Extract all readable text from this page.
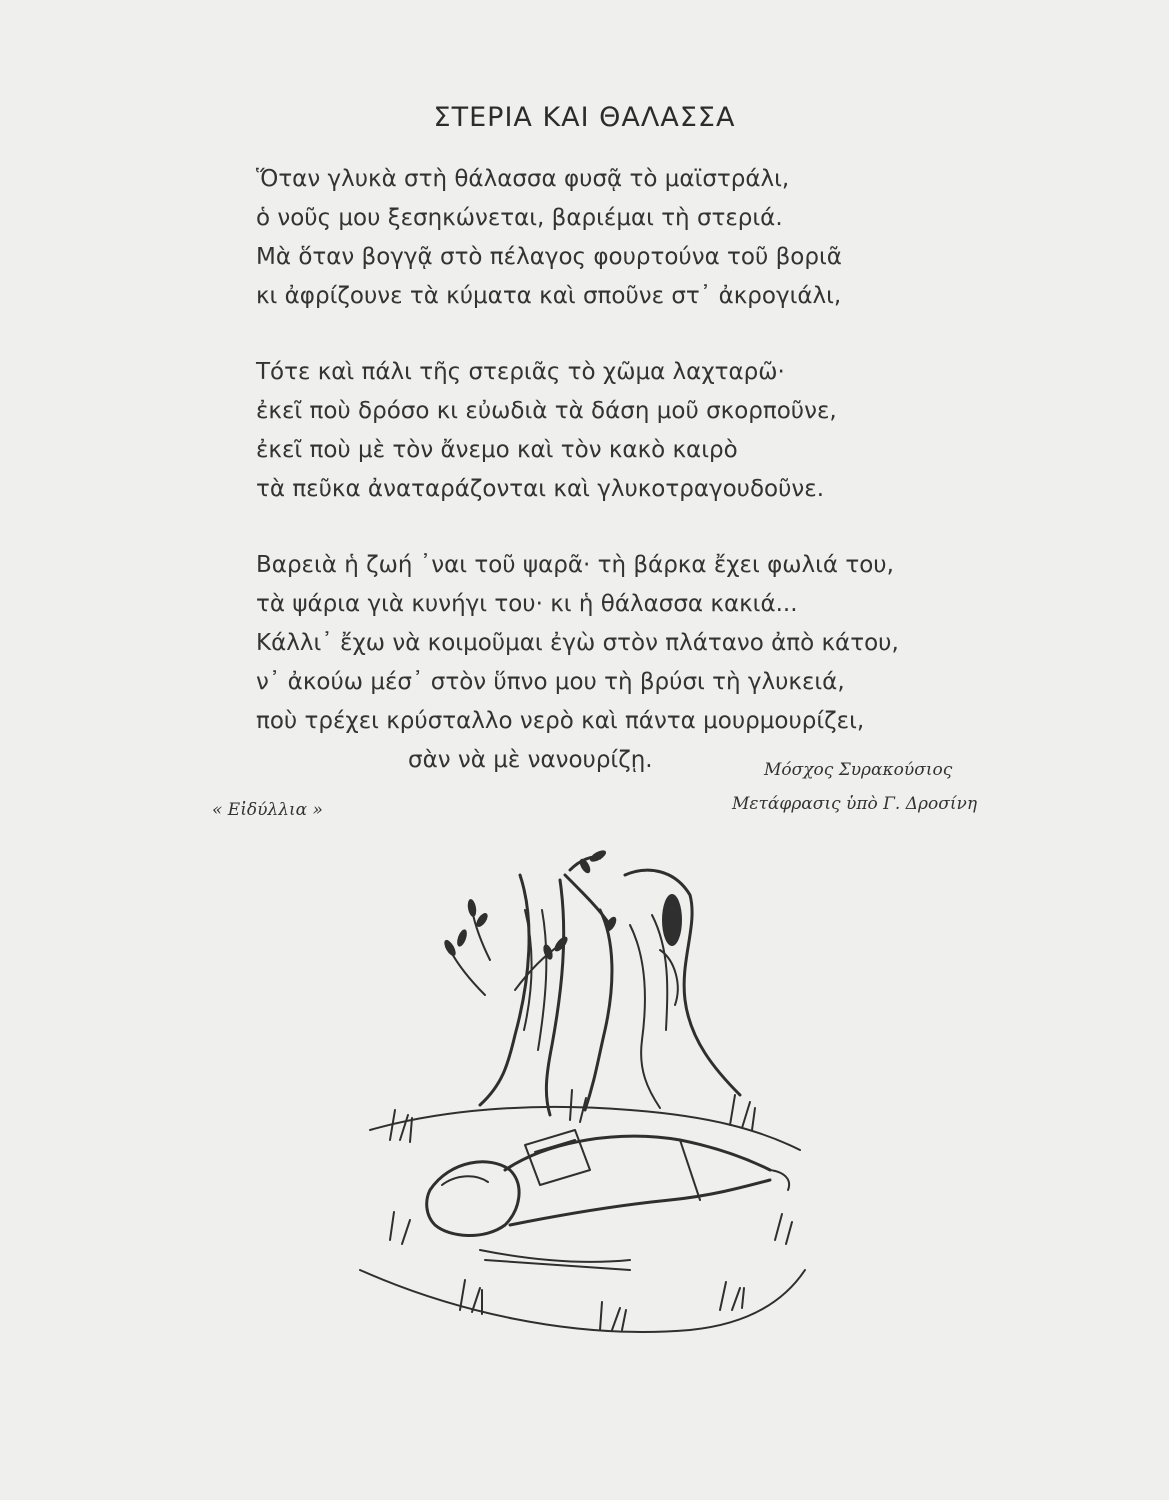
ΣΤΕΡΙΑ ΚΑΙ ΘΑΛΑΣΣΑ
Ὅταν γλυκὰ στὴ θάλασσα φυσᾷ τὸ μαϊστράλι,
ὁ νοῦς μου ξεσηκώνεται, βαριέμαι τὴ στεριά.
Μὰ ὅταν βογγᾷ στὸ πέλαγος φουρτούνα τοῦ βοριᾶ
κι ἀφρίζουνε τὰ κύματα καὶ σποῦνε στ᾽ ἀκρογιάλι,
Τότε καὶ πάλι τῆς στεριᾶς τὸ χῶμα λαχταρῶ·
ἐκεῖ ποὺ δρόσο κι εὐωδιὰ τὰ δάση μοῦ σκορποῦνε,
ἐκεῖ ποὺ μὲ τὸν ἄνεμο καὶ τὸν κακὸ καιρὸ
τὰ πεῦκα ἀναταράζονται καὶ γλυκοτραγουδοῦνε.
Βαρειὰ ἡ ζωή ᾽ναι τοῦ ψαρᾶ· τὴ βάρκα ἔχει φωλιά του,
τὰ ψάρια γιὰ κυνήγι του· κι ἡ θάλασσα κακιά...
Κάλλι᾽ ἔχω νὰ κοιμοῦμαι ἐγὼ στὸν πλάτανο ἀπὸ κάτου,
ν᾽ ἀκούω μέσ᾽ στὸν ὕπνο μου τὴ βρύσι τὴ γλυκειά,
ποὺ τρέχει κρύσταλλο νερὸ καὶ πάντα μουρμουρίζει,
σὰν νὰ μὲ νανουρίζῃ.	Μόσχος Συρακούσιος
Μετάφρασις ὑπὸ Γ. Δροσίνη
« Εἰδύλλια »
